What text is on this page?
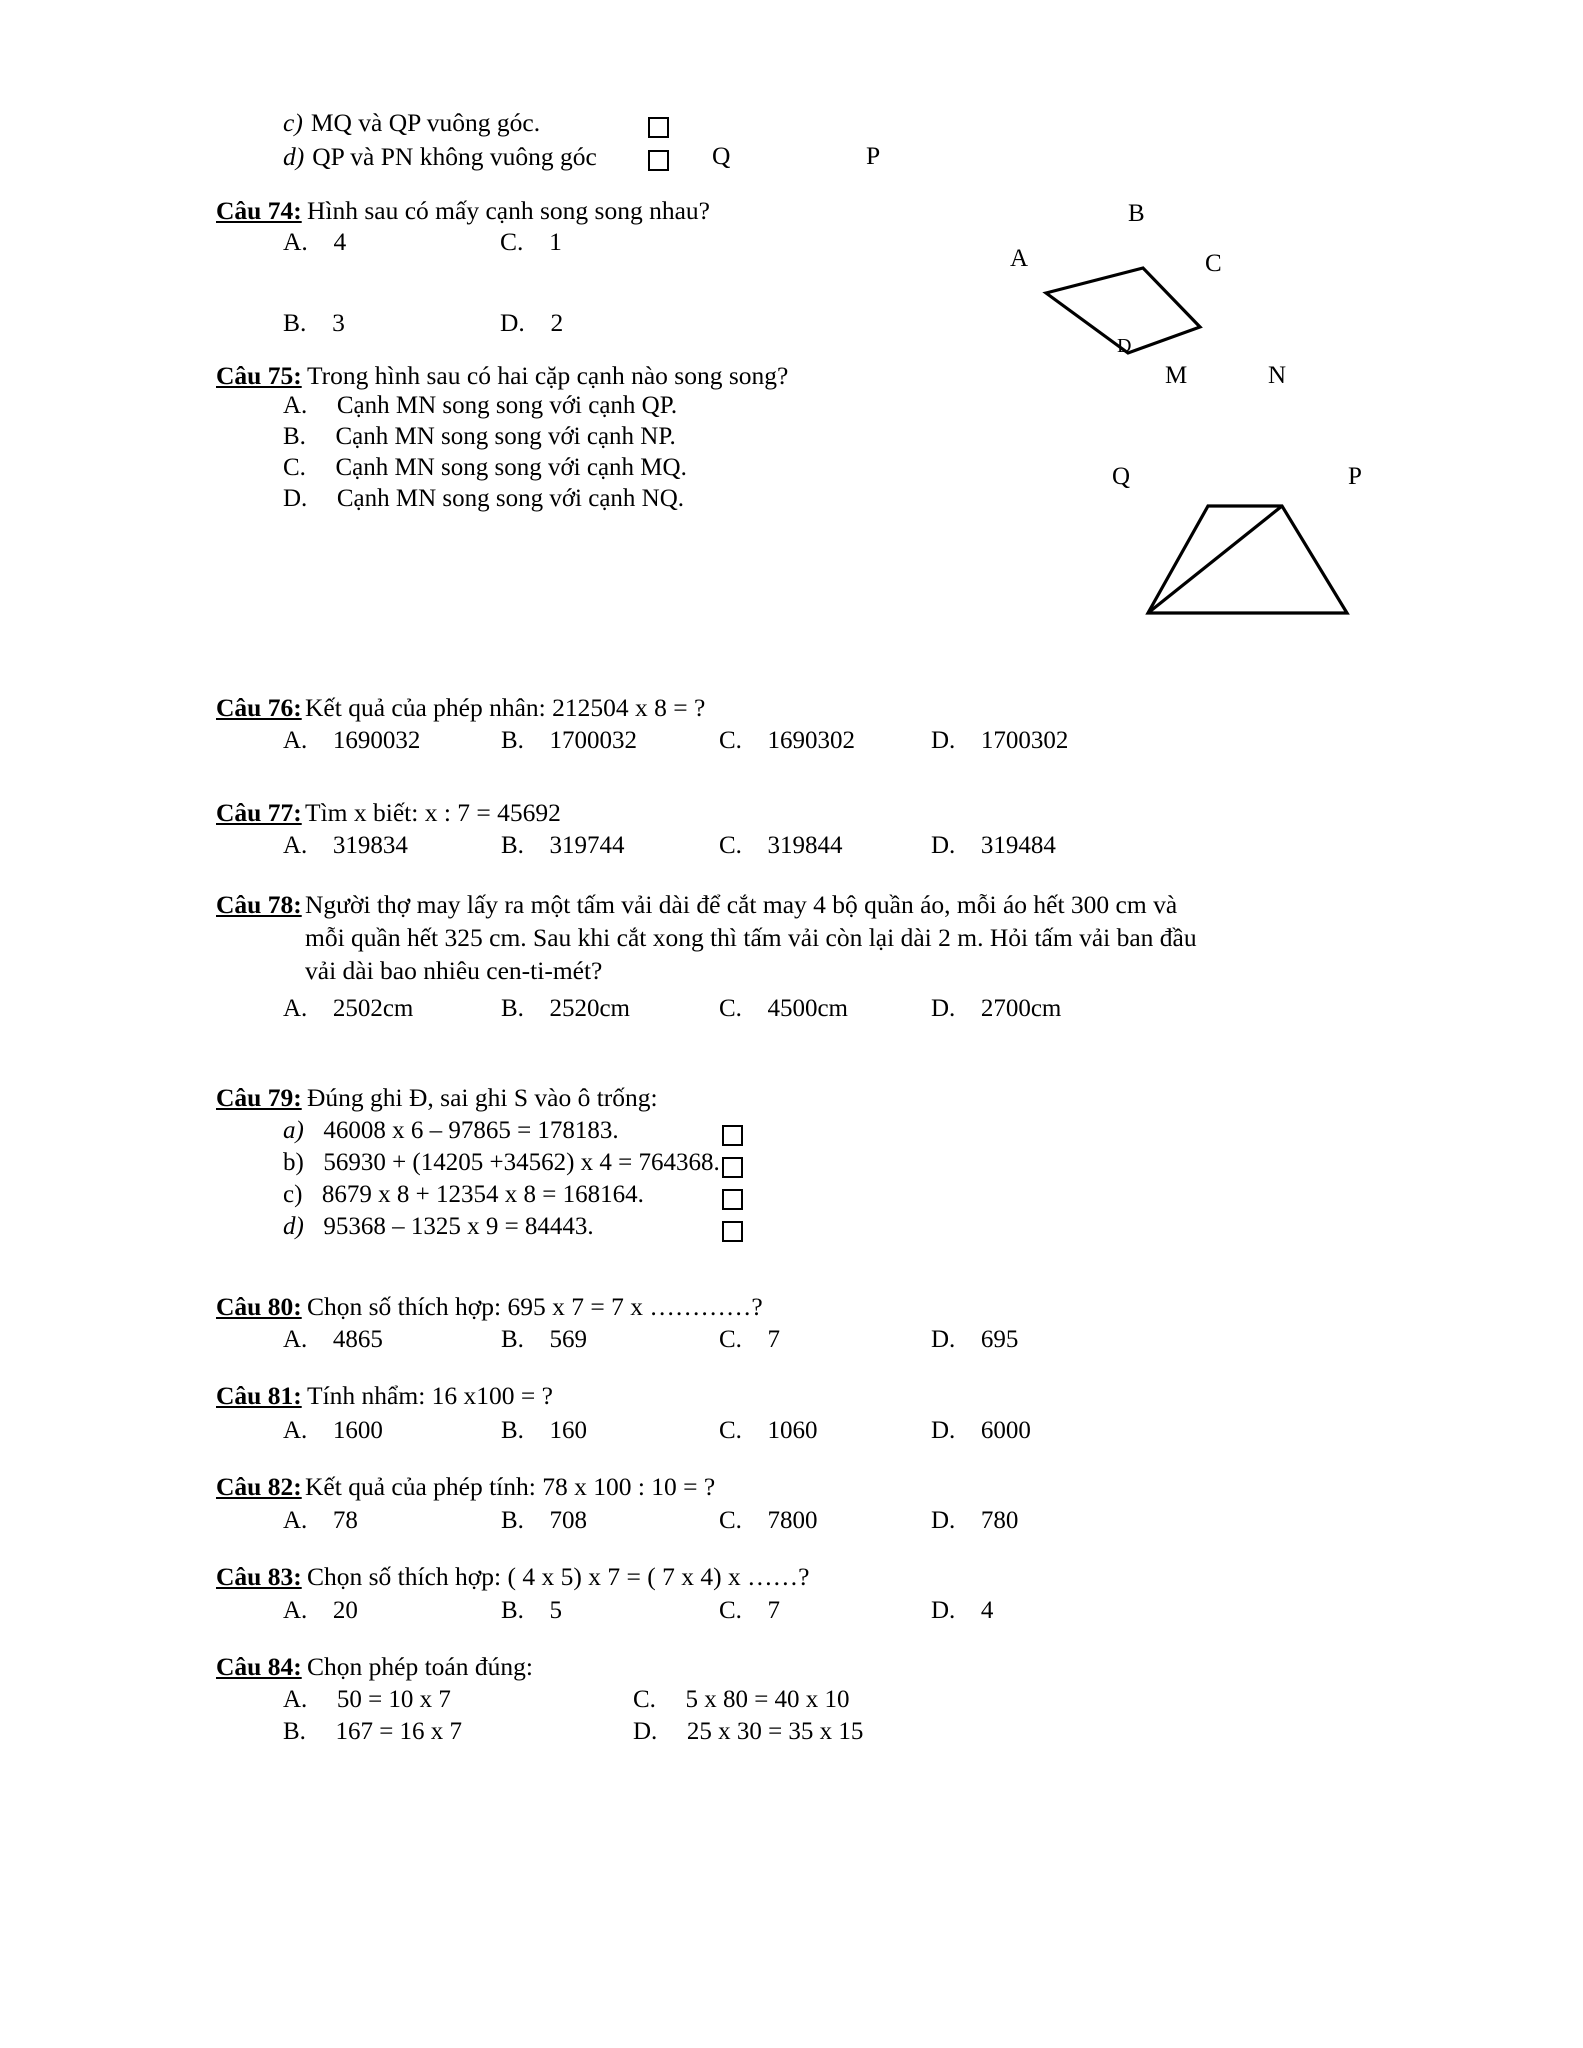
c) MQ và QP vuông góc.
d) QP và PN không vuông góc	Q	P
Câu 74: Hình sau có mấy cạnh song song nhau?
A. 4	C. 1
B. 3	D. 2
A
B
C
D
Câu 75: Trong hình sau có hai cặp cạnh nào song song?
A. Cạnh MN song song với cạnh QP.
B. Cạnh MN song song với cạnh NP.
C. Cạnh MN song song với cạnh MQ.
D. Cạnh MN song song với cạnh NQ.
M	N
P
Q
Câu 76: Kết quả của phép nhân: 212504 x 8 = ?
A. 1690032	B. 1700032	C. 1690302	D. 1700302
Câu 77: Tìm x biết: x : 7 = 45692
A. 319834	B. 319744	C. 319844	D. 319484
Câu 78: Người thợ may lấy ra một tấm vải dài để cắt may 4 bộ quần áo, mỗi áo hết 300 cm và
mỗi quần hết 325 cm. Sau khi cắt xong thì tấm vải còn lại dài 2 m. Hỏi tấm vải ban đầu
vải dài bao nhiêu cen-ti-mét?
A. 2502cm	B. 2520cm	C. 4500cm	D. 2700cm
Câu 79: Đúng ghi Đ, sai ghi S vào ô trống:
a) 46008 x 6 – 97865 = 178183.
b) 56930 + (14205 +34562) x 4 = 764368.
c) 8679 x 8 + 12354 x 8 = 168164.
d) 95368 – 1325 x 9 = 84443.
Câu 80: Chọn số thích hợp: 695 x 7 = 7 x …………?
A. 4865	B. 569	C. 7	D. 695
Câu 81: Tính nhẩm: 16 x100 = ?
A. 1600	B. 160	C. 1060	D. 6000
Câu 82: Kết quả của phép tính: 78 x 100 : 10 = ?
A. 78	B. 708	C. 7800	D. 780
Câu 83: Chọn số thích hợp: ( 4 x 5) x 7 = ( 7 x 4) x ……?
A. 20	B. 5	C. 7	D. 4
Câu 84: Chọn phép toán đúng:
A. 50 = 10 x 7
B. 167 = 16 x 7
C. 5 x 80 = 40 x 10
D. 25 x 30 = 35 x 15
